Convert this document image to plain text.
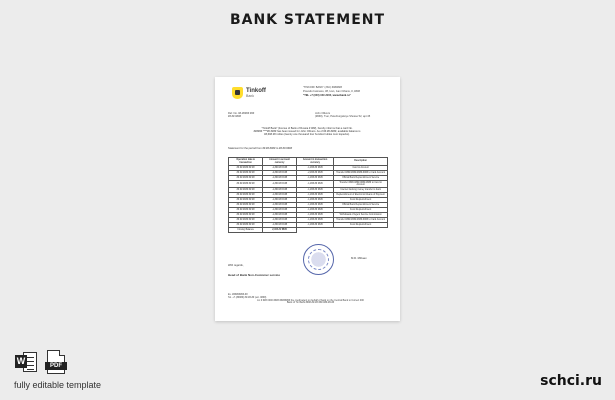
BANK STATEMENT
Tinkoff
Bank
"TINKOFF BANK" (JSC) #######
Prevedo business, 38, Ivan, Ivan Orbans, #, ####
"TEL +7 (###) ###-####, www.tbank.ru"
Ref. No. ##-##### ###
##.##.####
John Ollivers
(####), Tver, Peterburgskoye Shosse 52, apt 45
"Tinkoff Bank" (license of Bank of Russia # ###), hereby informs that a card No.
###### ****## #### has been issued for John Ollivers. As of ##.##.####, available balance is
##,###.## rubles (twenty one thousand four hundred rubles zero kopecks).
Statement for the period from ##.##.#### to ##.##.####
Operation date & transaction	Amount in account currency	Amount in transaction currency	Description
##.##.#### ##:##	-1,###.## RUB	-1,###.## RUB	Card to Account
##.##.#### ##:##	-2,###.## RUB	-2,###.## RUB	Transfer ####-####-####-#### to Card Account
##.##.#### ##:##	-1,###.## RUB	-1,###.## RUB	Official Bank Replenishment Service
##.##.#### ##:##	-1,###.## RUB	-1,###.## RUB	Transfer ####-####-####-#### to Card to Account
##.##.#### ##:##	-1,###.## RUB	-1,###.## RUB	Internet banking money transfer to bank
##.##.#### ##:##	-1,###.## RUB	-1,###.## RUB	Replenishment of Electronic Means of Payment
##.##.#### ##:##	-1,###.## RUB	-1,###.## RUB	Food Replenishment
##.##.#### ##:##	-1,###.## RUB	-1,###.## RUB	Official Bank Replenishment Service
##.##.#### ##:##	-1,###.## RUB	-1,###.## RUB	Food Replenishment
##.##.#### ##:##	-1,###.## RUB	-1,###.## RUB	Withdrawal of Agent Service Commission
##.##.#### ##:##	-1,###.## RUB	-1,###.## RUB	Transfer ####-####-####-#### to Card Account
##.##.#### ##:##	-1,###.## RUB	-1,###.## RUB	Food Replenishment
Closing Balance	2,###.## RUB		
With regards,
Head of Bank Non-Customer service
M.D. Mihaev
Ex. #########-##
Tel. +7 (#####) ##-##-## (ext. ####)
Lic # ### 0000 #### ######## the credit agent on behalf of bank on the Central Bank to Correct 000
Bank of Tin Bank ####-##-## ###-###-##-##
W	PDF
fully editable template	schci.ru
